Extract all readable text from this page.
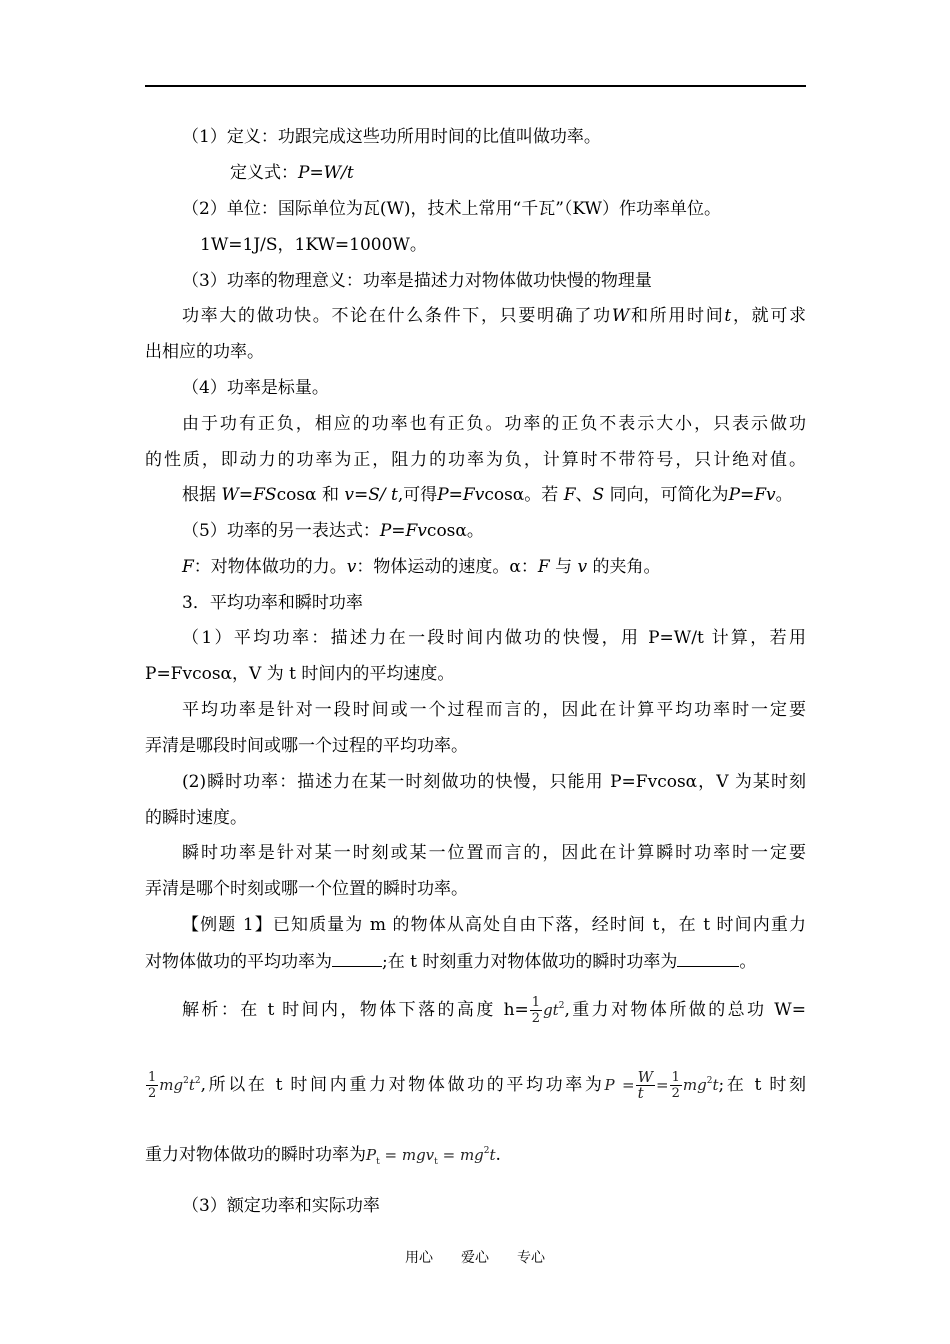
（1）定义：功跟完成这些功所用时间的比值叫做功率。
定义式：P=W/t
（2）单位：国际单位为瓦(W)，技术上常用“千瓦”（KW）作功率单位。
1W=1J/S，1KW=1000W。
（3）功率的物理意义：功率是描述力对物体做功快慢的物理量
功率大的做功快。不论在什么条件下，只要明确了功W和所用时间t，就可求
出相应的功率。
（4）功率是标量。
由于功有正负，相应的功率也有正负。功率的正负不表示大小，只表示做功
的性质，即动力的功率为正，阻力的功率为负，计算时不带符号，只计绝对值。
根据 W=FScosα 和 v=S/ t,可得P=Fvcosα。若 F、S 同向，可简化为P=Fv。
（5）功率的另一表达式：P=Fvcosα。
F：对物体做功的力。v：物体运动的速度。α：F 与 v 的夹角。
3．平均功率和瞬时功率
（1）平均功率：描述力在一段时间内做功的快慢，用 P=W/t 计算，若用
P=Fvcosα，V 为 t 时间内的平均速度。
平均功率是针对一段时间或一个过程而言的，因此在计算平均功率时一定要
弄清是哪段时间或哪一个过程的平均功率。
(2)瞬时功率：描述力在某一时刻做功的快慢，只能用 P=Fvcosα，V 为某时刻
的瞬时速度。
瞬时功率是针对某一时刻或某一位置而言的，因此在计算瞬时功率时一定要
弄清是哪个时刻或哪一个位置的瞬时功率。
【例题 1】已知质量为 m 的物体从高处自由下落，经时间 t，在 t 时间内重力
对物体做功的平均功率为	;在 t 时刻重力对物体做功的瞬时功率为	。
解析：在 t 时间内，物体下落的高度 $h= \frac{1}{2} gt^2$,重力对物体所做的总功 W=
$\frac{1}{2} mg^2t^2$,所以在 t 时间内重力对物体做功的平均功率为$P = \frac{W}{t} = \frac{1}{2} mg^2t$;在 t 时刻
重力对物体做功的瞬时功率为$P_t = mgv_t = mg^2t$.
（3）额定功率和实际功率
用心 爱心 专心
